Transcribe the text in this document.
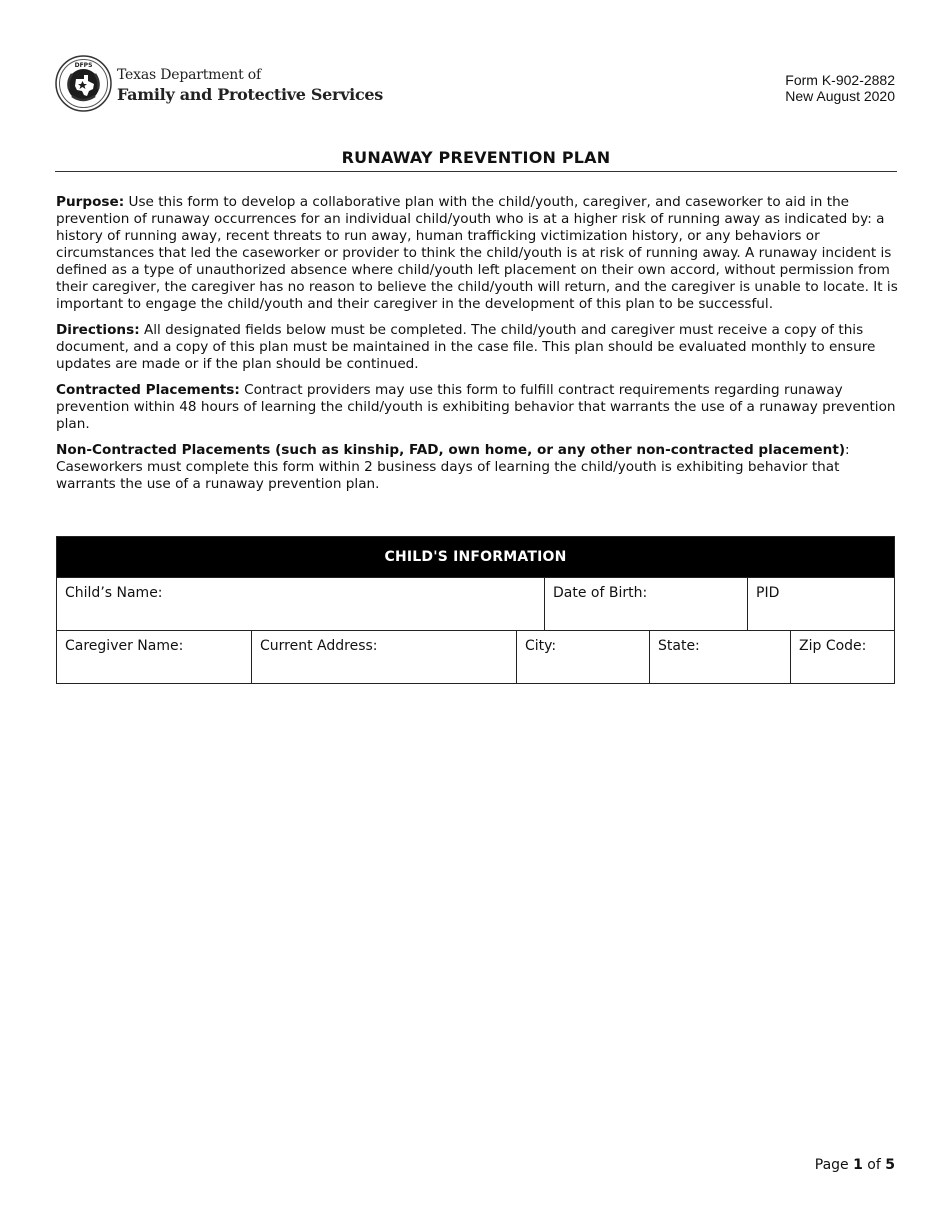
DFPS
Texas Department of
Family and Protective Services
Form K-902-2882
New August 2020
RUNAWAY PREVENTION PLAN

Purpose: Use this form to develop a collaborative plan with the child/youth, caregiver, and caseworker to aid in the prevention of runaway occurrences for an individual child/youth who is at a higher risk of running away as indicated by: a history of running away, recent threats to run away, human trafficking victimization history, or any behaviors or circumstances that led the caseworker or provider to think the child/youth is at risk of running away. A runaway incident is defined as a type of unauthorized absence where child/youth left placement on their own accord, without permission from their caregiver, the caregiver has no reason to believe the child/youth will return, and the caregiver is unable to locate. It is important to engage the child/youth and their caregiver in the development of this plan to be successful.

Directions: All designated fields below must be completed. The child/youth and caregiver must receive a copy of this document, and a copy of this plan must be maintained in the case file. This plan should be evaluated monthly to ensure updates are made or if the plan should be continued.

Contracted Placements: Contract providers may use this form to fulfill contract requirements regarding runaway prevention within 48 hours of learning the child/youth is exhibiting behavior that warrants the use of a runaway prevention plan.

Non-Contracted Placements (such as kinship, FAD, own home, or any other non-contracted placement): Caseworkers must complete this form within 2 business days of learning the child/youth is exhibiting behavior that warrants the use of a runaway prevention plan.

CHILD'S INFORMATION						

Child’s Name:			Date of Birth:		PID	

Caregiver Name:	Current Address:	City:		State:		Zip Code:
Page 1 of 5
